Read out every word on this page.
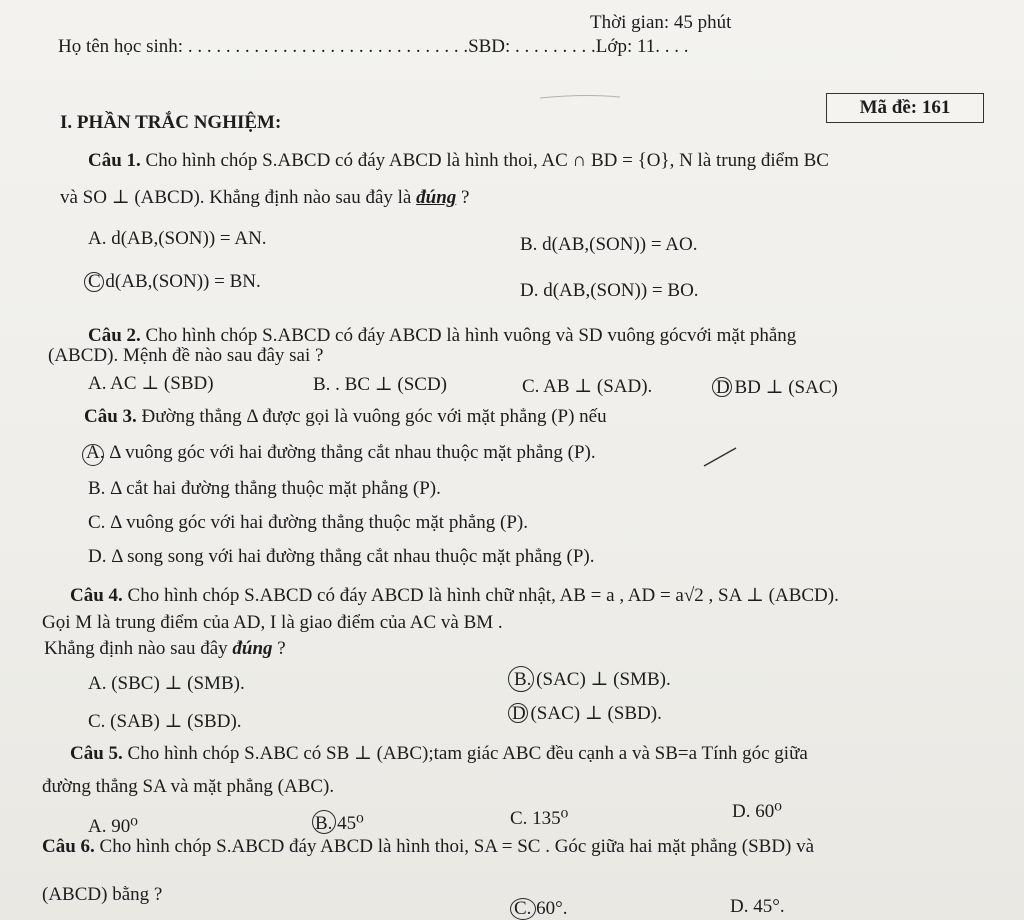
Thời gian: 45 phút
Họ tên học sinh: . . . . . . . . . . . . . . . . . . . . . . . . . . . . . .SBD: . . . . . . . . .Lớp: 11. . . .
I. PHẦN TRẮC NGHIỆM:
Mã đề: 161
Câu 1. Cho hình chóp S.ABCD có đáy ABCD là hình thoi, AC ∩ BD = {O}, N là trung điểm BC
và SO ⊥ (ABCD). Khẳng định nào sau đây là đúng ?
A. d(AB,(SON)) = AN.	B. d(AB,(SON)) = AO.
C d(AB,(SON)) = BN.	D. d(AB,(SON)) = BO.
Câu 2. Cho hình chóp S.ABCD có đáy ABCD là hình vuông và SD vuông gócvới mặt phẳng
(ABCD). Mệnh đề nào sau đây sai ?
A. AC ⊥ (SBD)	B. . BC ⊥ (SCD)	C. AB ⊥ (SAD).	D BD ⊥ (SAC)
Câu 3. Đường thẳng Δ được gọi là vuông góc với mặt phẳng (P) nếu
A. Δ vuông góc với hai đường thẳng cắt nhau thuộc mặt phẳng (P).
B. Δ cắt hai đường thẳng thuộc mặt phẳng (P).
C. Δ vuông góc với hai đường thẳng thuộc mặt phẳng (P).
D. Δ song song với hai đường thẳng cắt nhau thuộc mặt phẳng (P).
Câu 4. Cho hình chóp S.ABCD có đáy ABCD là hình chữ nhật, AB = a , AD = a√2 , SA ⊥ (ABCD).
Gọi M là trung điểm của AD, I là giao điểm của AC và BM .
Khẳng định nào sau đây đúng ?
A. (SBC) ⊥ (SMB).	B. (SAC) ⊥ (SMB).
C. (SAB) ⊥ (SBD).	D (SAC) ⊥ (SBD).
Câu 5. Cho hình chóp S.ABC có SB ⊥ (ABC);tam giác ABC đều cạnh a và SB=a Tính góc giữa
đường thẳng SA và mặt phẳng (ABC).
A. 90⁰	B. 45⁰	C. 135⁰	D. 60⁰
Câu 6. Cho hình chóp S.ABCD đáy ABCD là hình thoi, SA = SC . Góc giữa hai mặt phẳng (SBD) và
(ABCD) bằng ?
C. 60°.	D. 45°.
